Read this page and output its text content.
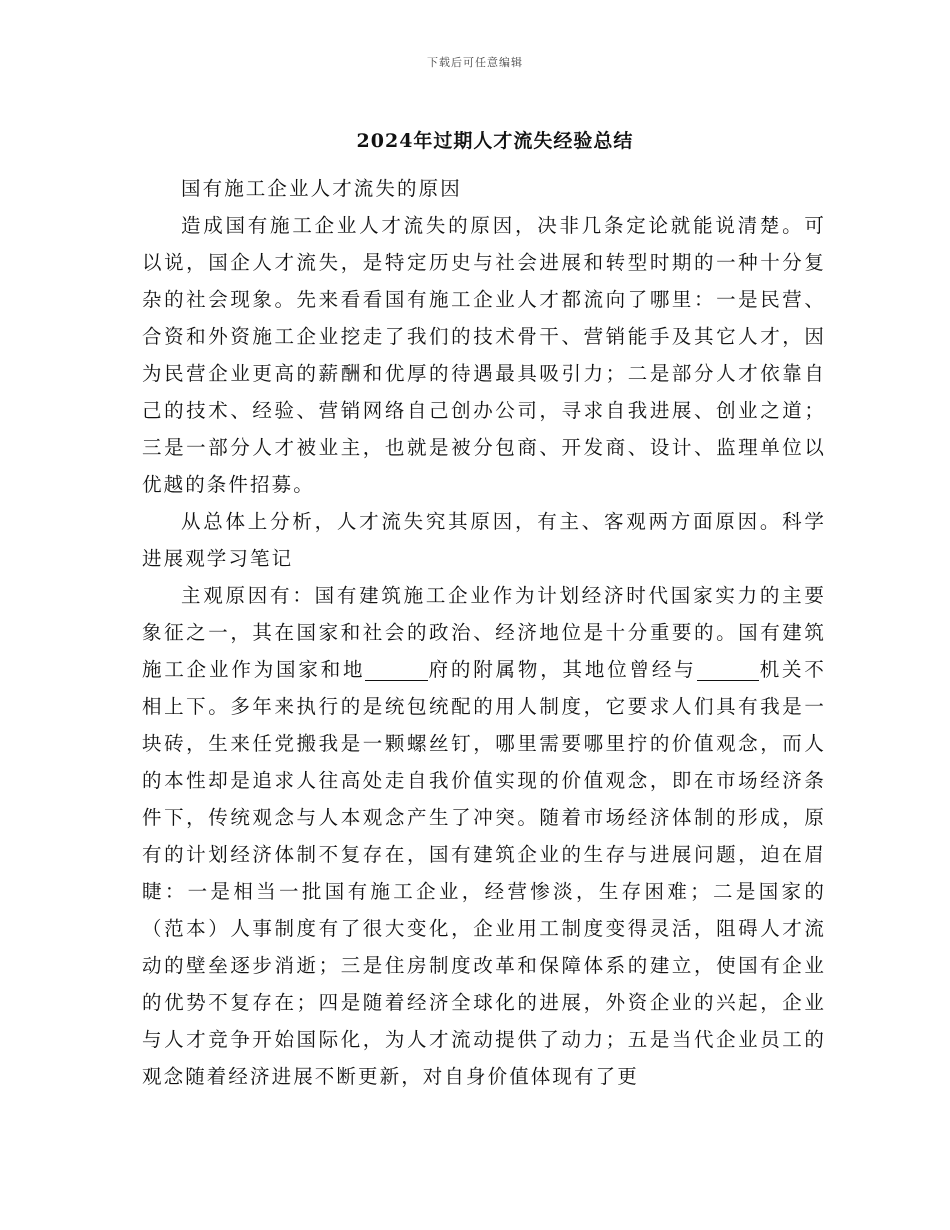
下载后可任意编辑
2024年过期人才流失经验总结

国有施工企业人才流失的原因

造成国有施工企业人才流失的原因，决非几条定论就能说清楚。可以说，国企人才流失，是特定历史与社会进展和转型时期的一种十分复杂的社会现象。先来看看国有施工企业人才都流向了哪里：一是民营、合资和外资施工企业挖走了我们的技术骨干、营销能手及其它人才，因为民营企业更高的薪酬和优厚的待遇最具吸引力；二是部分人才依靠自己的技术、经验、营销网络自己创办公司，寻求自我进展、创业之道；三是一部分人才被业主，也就是被分包商、开发商、设计、监理单位以优越的条件招募。

从总体上分析，人才流失究其原因，有主、客观两方面原因。科学进展观学习笔记

主观原因有：国有建筑施工企业作为计划经济时代国家实力的主要象征之一，其在国家和社会的政治、经济地位是十分重要的。国有建筑施工企业作为国家和地	府的附属物，其地位曾经与	机关不相上下。多年来执行的是统包统配的用人制度，它要求人们具有我是一块砖，生来任党搬我是一颗螺丝钉，哪里需要哪里拧的价值观念，而人的本性却是追求人往高处走自我价值实现的价值观念，即在市场经济条件下，传统观念与人本观念产生了冲突。随着市场经济体制的形成，原有的计划经济体制不复存在，国有建筑企业的生存与进展问题，迫在眉睫：一是相当一批国有施工企业，经营惨淡，生存困难；二是国家的（范本）人事制度有了很大变化，企业用工制度变得灵活，阻碍人才流动的壁垒逐步消逝；三是住房制度改革和保障体系的建立，使国有企业的优势不复存在；四是随着经济全球化的进展，外资企业的兴起，企业与人才竞争开始国际化，为人才流动提供了动力；五是当代企业员工的观念随着经济进展不断更新，对自身价值体现有了更
